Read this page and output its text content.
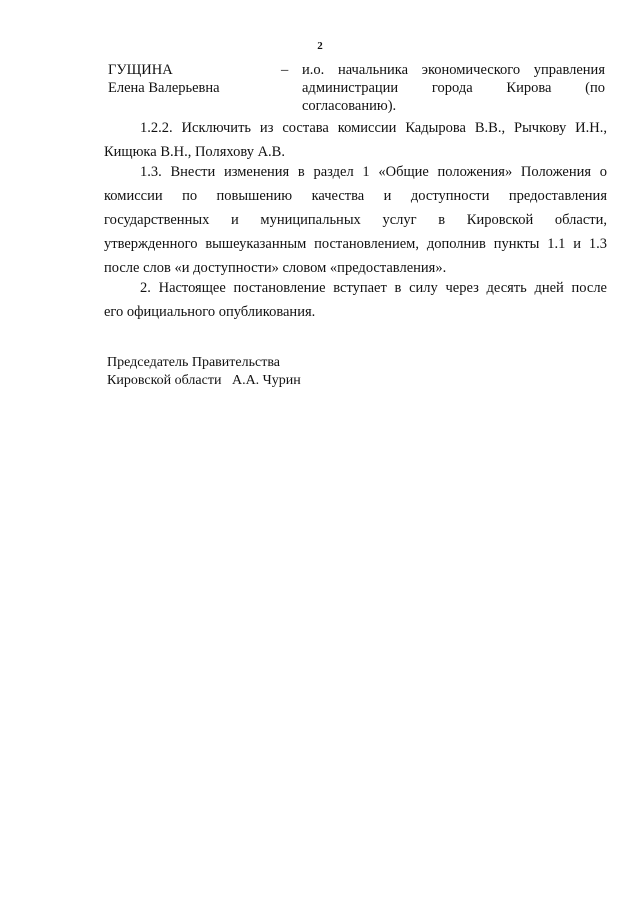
2
ГУЩИНА
Елена Валерьевна
– и.о. начальника экономического управления
администрации города Кирова (по
согласованию).
1.2.2. Исключить из состава комиссии Кадырова В.В., Рычкову И.Н.,
Кищюка В.Н., Поляхову А.В.
1.3. Внести изменения в раздел 1 «Общие положения» Положения о
комиссии по повышению качества и доступности предоставления
государственных и муниципальных услуг в Кировской области,
утвержденного вышеуказанным постановлением, дополнив пункты 1.1 и 1.3
после слов «и доступности» словом «предоставления».
2. Настоящее постановление вступает в силу через десять дней после
его официального опубликования.
Председатель Правительства
Кировской области   А.А. Чурин
